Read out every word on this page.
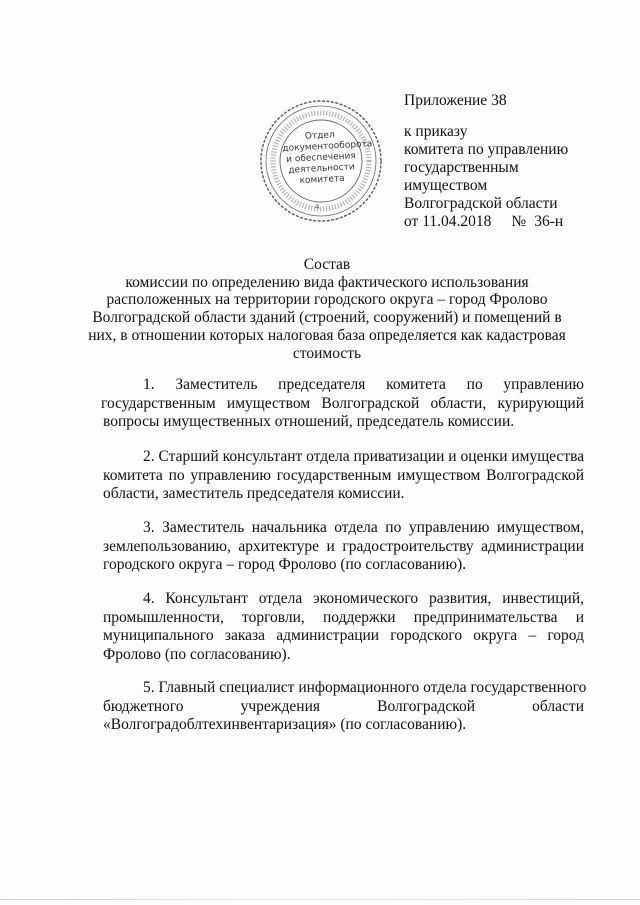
Отдел
документооборота
и обеспечения
деятельности
комитета
4
Приложение 38
к приказу
комитета по управлению
государственным
имуществом
Волгоградской области
от 11.04.2018 № 36-н
Состав
комиссии по определению вида фактического использования
расположенных на территории городского округа – город Фролово
Волгоградской области зданий (строений, сооружений) и помещений в
них, в отношении которых налоговая база определяется как кадастровая
стоимость
1. Заместитель председателя комитета по управлению
государственным имуществом Волгоградской области, курирующий
вопросы имущественных отношений, председатель комиссии.
2. Старший консультант отдела приватизации и оценки имущества
комитета по управлению государственным имуществом Волгоградской
области, заместитель председателя комиссии.
3. Заместитель начальника отдела по управлению имуществом,
землепользованию, архитектуре и градостроительству администрации
городского округа – город Фролово (по согласованию).
4. Консультант отдела экономического развития, инвестиций,
промышленности, торговли, поддержки предпринимательства и
муниципального заказа администрации городского округа – город
Фролово (по согласованию).
5. Главный специалист информационного отдела государственного
бюджетного учреждения Волгоградской области
«Волгоградоблтехинвентаризация» (по согласованию).
